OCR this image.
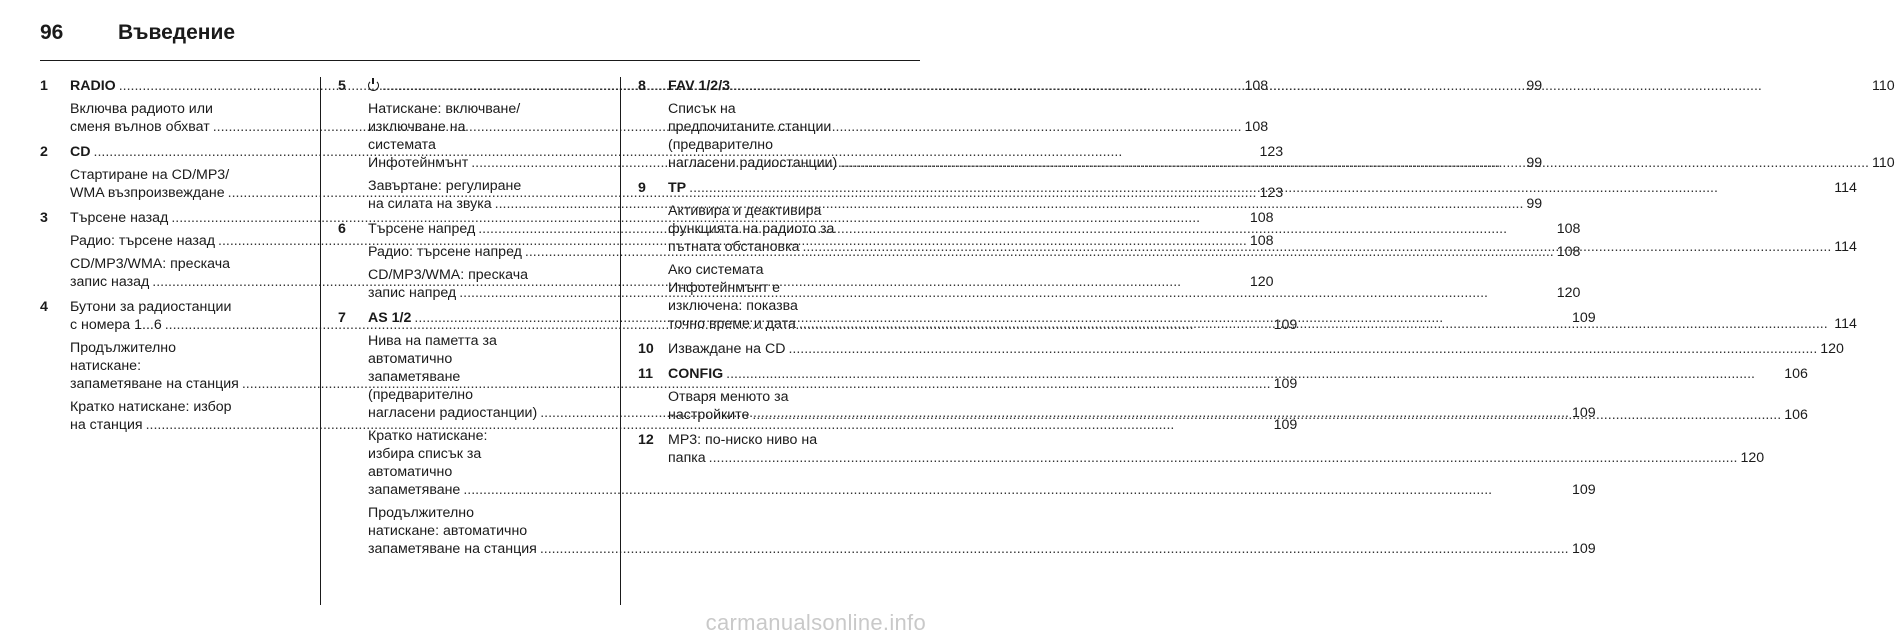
96	Въведение
1	RADIO .....	108
Включва радиото или
сменя вълнов обхват .....	108
2	CD .....	123
Стартиране на CD/MP3/
WMA възпроизвеждане .....	123
3	Търсене назад .....	108
Радио: търсене назад .....	108
CD/MP3/WMA: прескача
запис назад .....	120
4	Бутони за радиостанции
с номера 1...6 .....	109
Продължително
натискане:
запаметяване на станция .....	109
Кратко натискане: избор
на станция .....	109
5 .....	99
Натискане: включване/
изключване на
системата
Инфотейнмънт .....	99
Завъртане: регулиране
на силата на звука .....	99
6	Търсене напред .....	108
Радио: търсене напред .....	108
CD/MP3/WMA: прескача
запис напред .....	120
7	AS 1/2 .....	109
Нива на паметта за
автоматично
запаметяване
(предварително
нагласени радиостанции) .....	109
Кратко натискане:
избира списък за
автоматично
запаметяване .....	109
Продължително
натискане: автоматично
запаметяване на станция .....	109
8	FAV 1/2/3 .....	110
Списък на
предпочитаните станции
(предварително
нагласени радиостанции) .....	110
9	TP .....	114
Активира и деактивира
функцията на радиото за
пътната обстановка .....	114
Ако системата
Инфотейнмънт е
изключена: показва
точно време и дата .....	114
10	Изваждане на CD .....	120
11	CONFIG .....	106
Отваря менюто за
настройките .....	106
12	MP3: по-ниско ниво на
папка .....	120
carmanualsonline.info
